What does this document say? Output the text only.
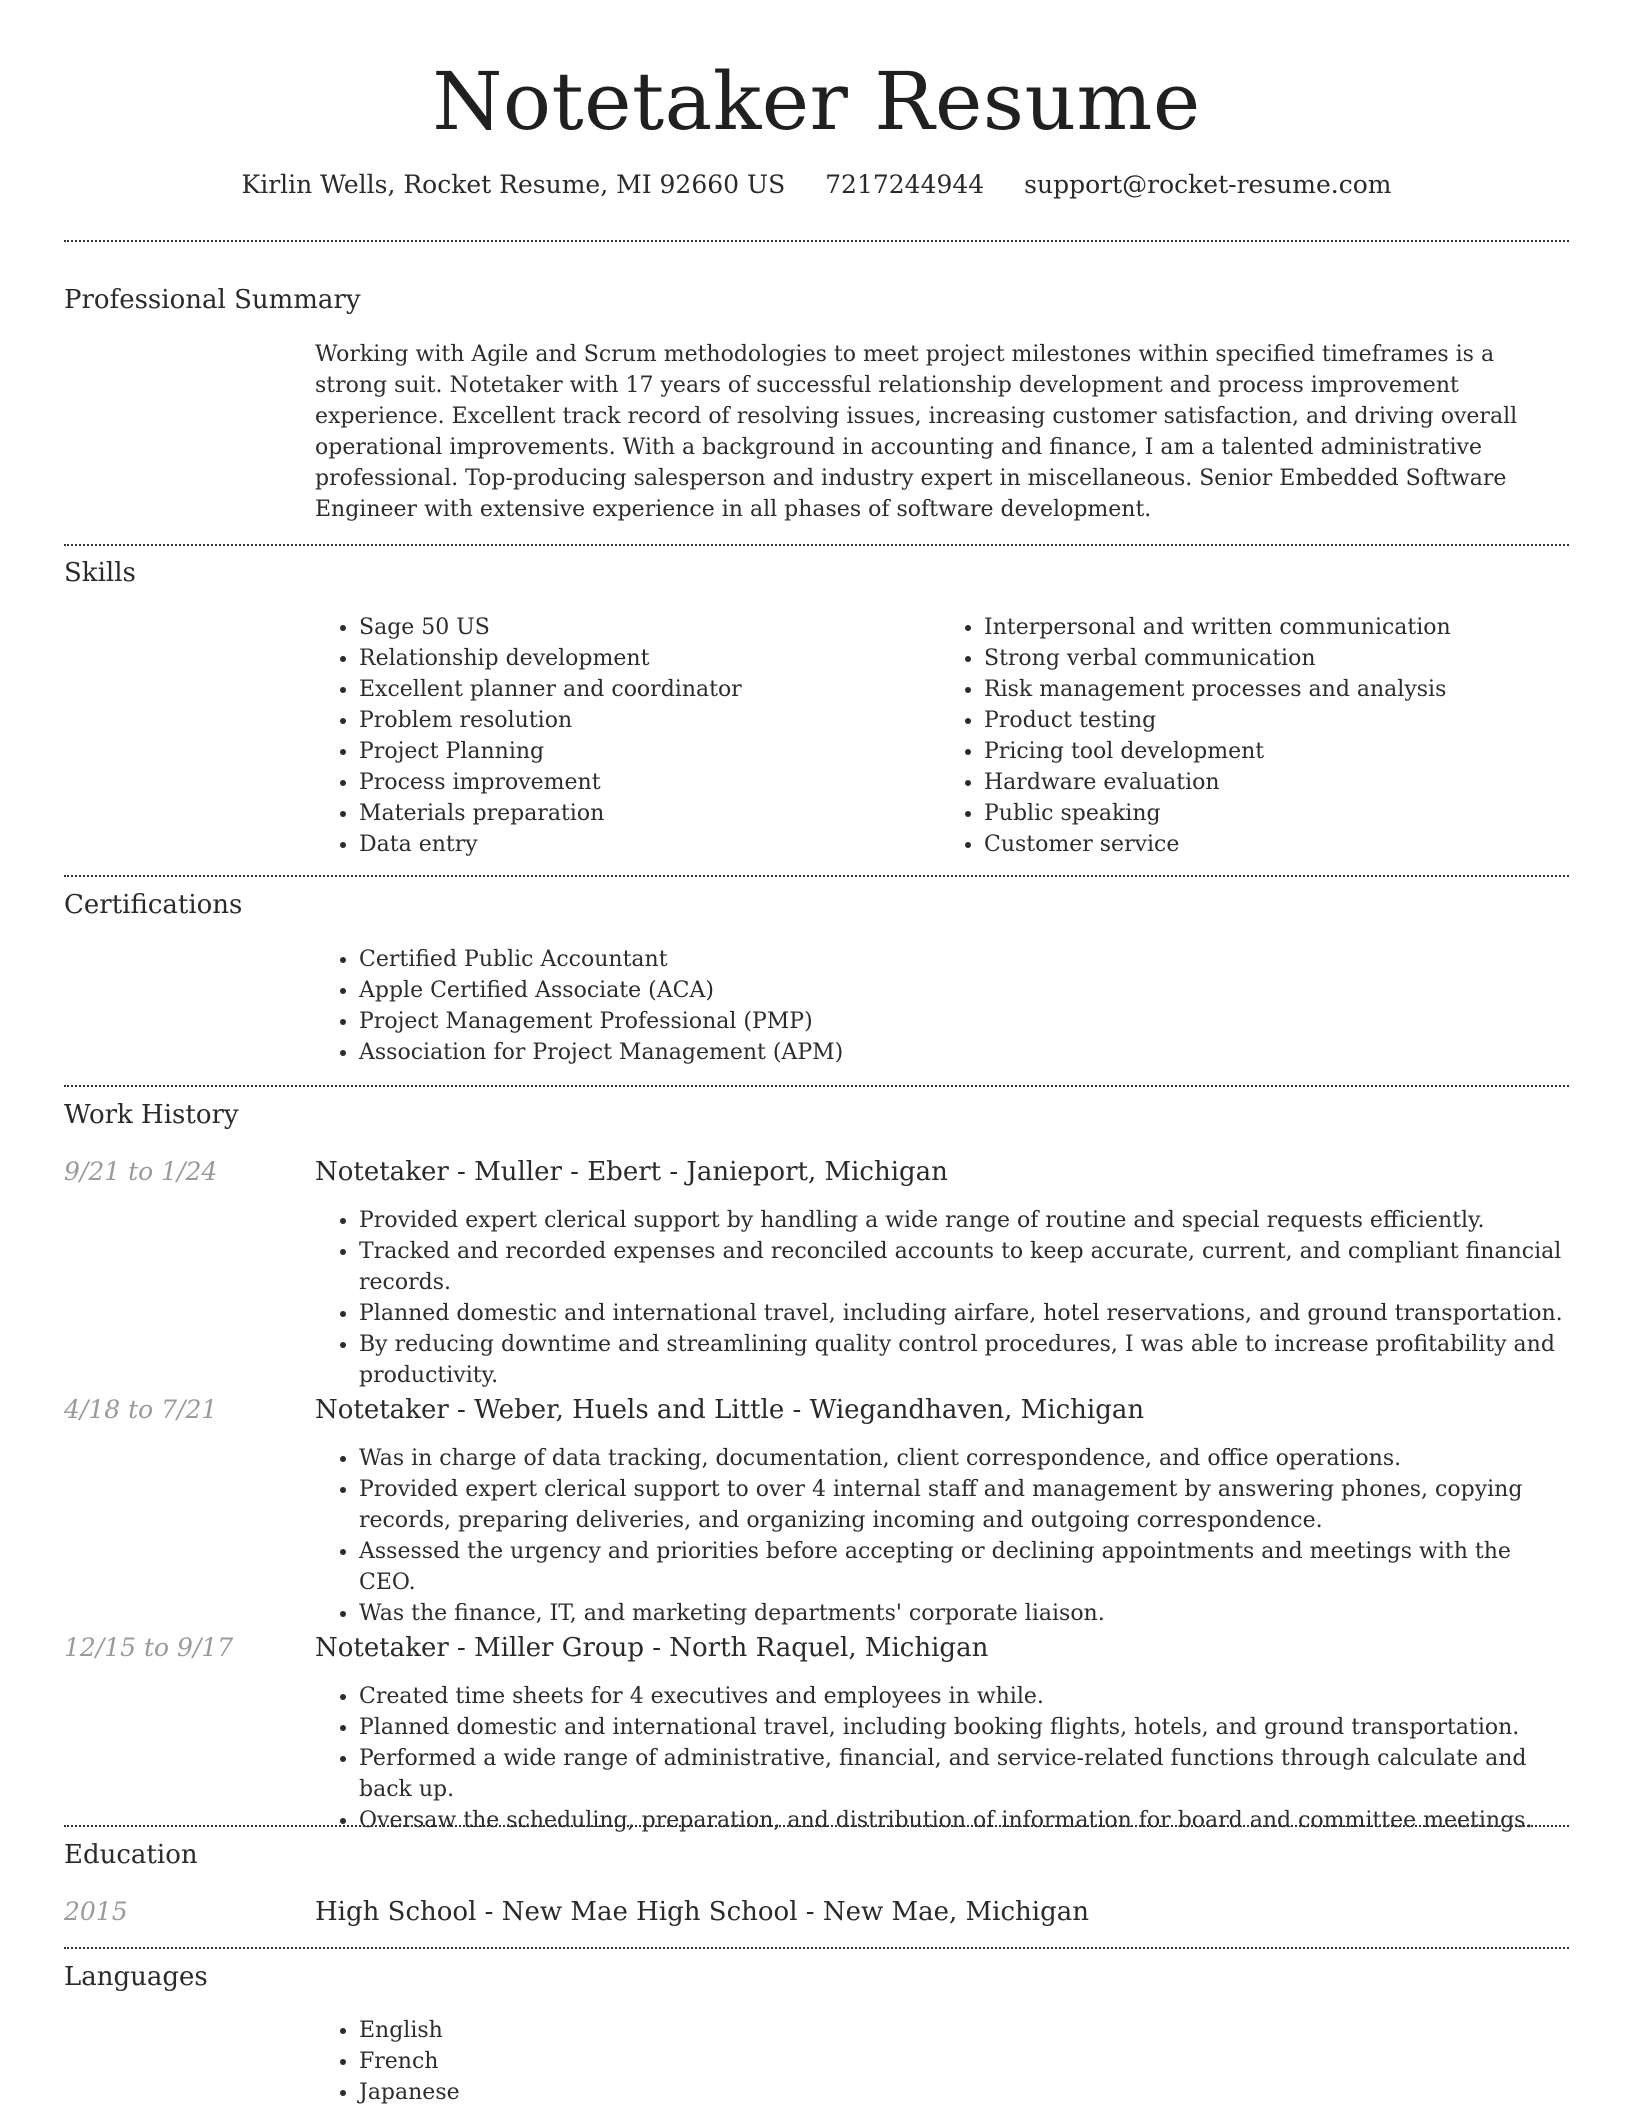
Notetaker Resume
Kirlin Wells, Rocket Resume, MI 92660 US 7217244944 support@rocket-resume.com
Professional Summary
Working with Agile and Scrum methodologies to meet project milestones within specified timeframes is a strong suit. Notetaker with 17 years of successful relationship development and process improvement experience. Excellent track record of resolving issues, increasing customer satisfaction, and driving overall operational improvements. With a background in accounting and finance, I am a talented administrative professional. Top-producing salesperson and industry expert in miscellaneous. Senior Embedded Software Engineer with extensive experience in all phases of software development.
Skills
• Sage 50 US
• Relationship development
• Excellent planner and coordinator
• Problem resolution
• Project Planning
• Process improvement
• Materials preparation
• Data entry
• Interpersonal and written communication
• Strong verbal communication
• Risk management processes and analysis
• Product testing
• Pricing tool development
• Hardware evaluation
• Public speaking
• Customer service
Certifications
• Certified Public Accountant
• Apple Certified Associate (ACA)
• Project Management Professional (PMP)
• Association for Project Management (APM)
Work History
9/21 to 1/24	Notetaker - Muller - Ebert - Janieport, Michigan
• Provided expert clerical support by handling a wide range of routine and special requests efficiently.
• Tracked and recorded expenses and reconciled accounts to keep accurate, current, and compliant financial records.
• Planned domestic and international travel, including airfare, hotel reservations, and ground transportation.
• By reducing downtime and streamlining quality control procedures, I was able to increase profitability and productivity.
4/18 to 7/21	Notetaker - Weber, Huels and Little - Wiegandhaven, Michigan
• Was in charge of data tracking, documentation, client correspondence, and office operations.
• Provided expert clerical support to over 4 internal staff and management by answering phones, copying records, preparing deliveries, and organizing incoming and outgoing correspondence.
• Assessed the urgency and priorities before accepting or declining appointments and meetings with the CEO.
• Was the finance, IT, and marketing departments' corporate liaison.
12/15 to 9/17	Notetaker - Miller Group - North Raquel, Michigan
• Created time sheets for 4 executives and employees in while.
• Planned domestic and international travel, including booking flights, hotels, and ground transportation.
• Performed a wide range of administrative, financial, and service-related functions through calculate and back up.
• Oversaw the scheduling, preparation, and distribution of information for board and committee meetings.
Education
2015	High School - New Mae High School - New Mae, Michigan
Languages
• English
• French
• Japanese
